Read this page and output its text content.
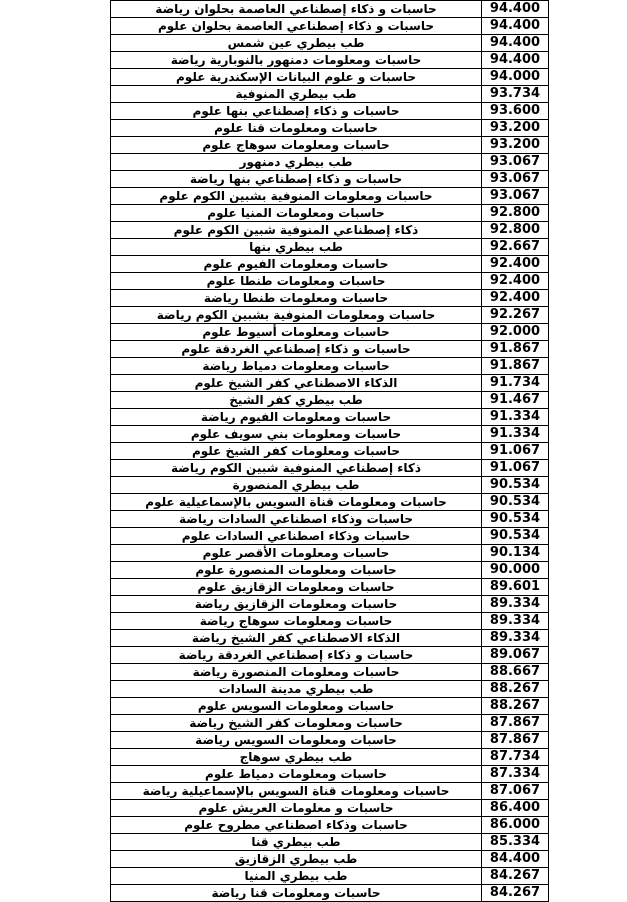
حاسبات و ذكاء إصطناعي العاصمة بحلوان رياضة	94.400
حاسبات و ذكاء إصطناعي العاصمة بحلوان علوم	94.400
طب بيطري عين شمس	94.400
حاسبات ومعلومات دمنهور بالنوبارية رياضة	94.400
حاسبات و علوم البيانات الإسكندرية علوم	94.000
طب بيطري المنوفية	93.734
حاسبات و ذكاء إصطناعي بنها علوم	93.600
حاسبات ومعلومات قنا علوم	93.200
حاسبات ومعلومات سوهاج علوم	93.200
طب بيطري دمنهور	93.067
حاسبات و ذكاء إصطناعي بنها رياضة	93.067
حاسبات ومعلومات المنوفية بشبين الكوم علوم	93.067
حاسبات ومعلومات المنيا علوم	92.800
ذكاء إصطناعي المنوفية شبين الكوم علوم	92.800
طب بيطري بنها	92.667
حاسبات ومعلومات الفيوم علوم	92.400
حاسبات ومعلومات طنطا علوم	92.400
حاسبات ومعلومات طنطا رياضة	92.400
حاسبات ومعلومات المنوفية بشبين الكوم رياضة	92.267
حاسبات ومعلومات أسيوط علوم	92.000
حاسبات و ذكاء إصطناعي الغردقة علوم	91.867
حاسبات ومعلومات دمياط رياضة	91.867
الذكاء الاصطناعي كفر الشيخ علوم	91.734
طب بيطري كفر الشيخ	91.467
حاسبات ومعلومات الفيوم رياضة	91.334
حاسبات ومعلومات بني سويف علوم	91.334
حاسبات ومعلومات كفر الشيخ علوم	91.067
ذكاء إصطناعي المنوفية شبين الكوم رياضة	91.067
طب بيطري المنصورة	90.534
حاسبات ومعلومات قناة السويس بالإسماعيلية علوم	90.534
حاسبات وذكاء اصطناعي السادات رياضة	90.534
حاسبات وذكاء اصطناعي السادات علوم	90.534
حاسبات ومعلومات الأقصر علوم	90.134
حاسبات ومعلومات المنصورة علوم	90.000
حاسبات ومعلومات الزقازيق علوم	89.601
حاسبات ومعلومات الزقازيق رياضة	89.334
حاسبات ومعلومات سوهاج رياضة	89.334
الذكاء الاصطناعي كفر الشيخ رياضة	89.334
حاسبات و ذكاء إصطناعي الغردقة رياضة	89.067
حاسبات ومعلومات المنصورة رياضة	88.667
طب بيطري مدينة السادات	88.267
حاسبات ومعلومات السويس علوم	88.267
حاسبات ومعلومات كفر الشيخ رياضة	87.867
حاسبات ومعلومات السويس رياضة	87.867
طب بيطري سوهاج	87.734
حاسبات ومعلومات دمياط علوم	87.334
حاسبات ومعلومات قناة السويس بالإسماعيلية رياضة	87.067
حاسبات و معلومات العريش علوم	86.400
حاسبات وذكاء اصطناعي مطروح علوم	86.000
طب بيطري قنا	85.334
طب بيطري الزقازيق	84.400
طب بيطري المنيا	84.267
حاسبات ومعلومات قنا رياضة	84.267
